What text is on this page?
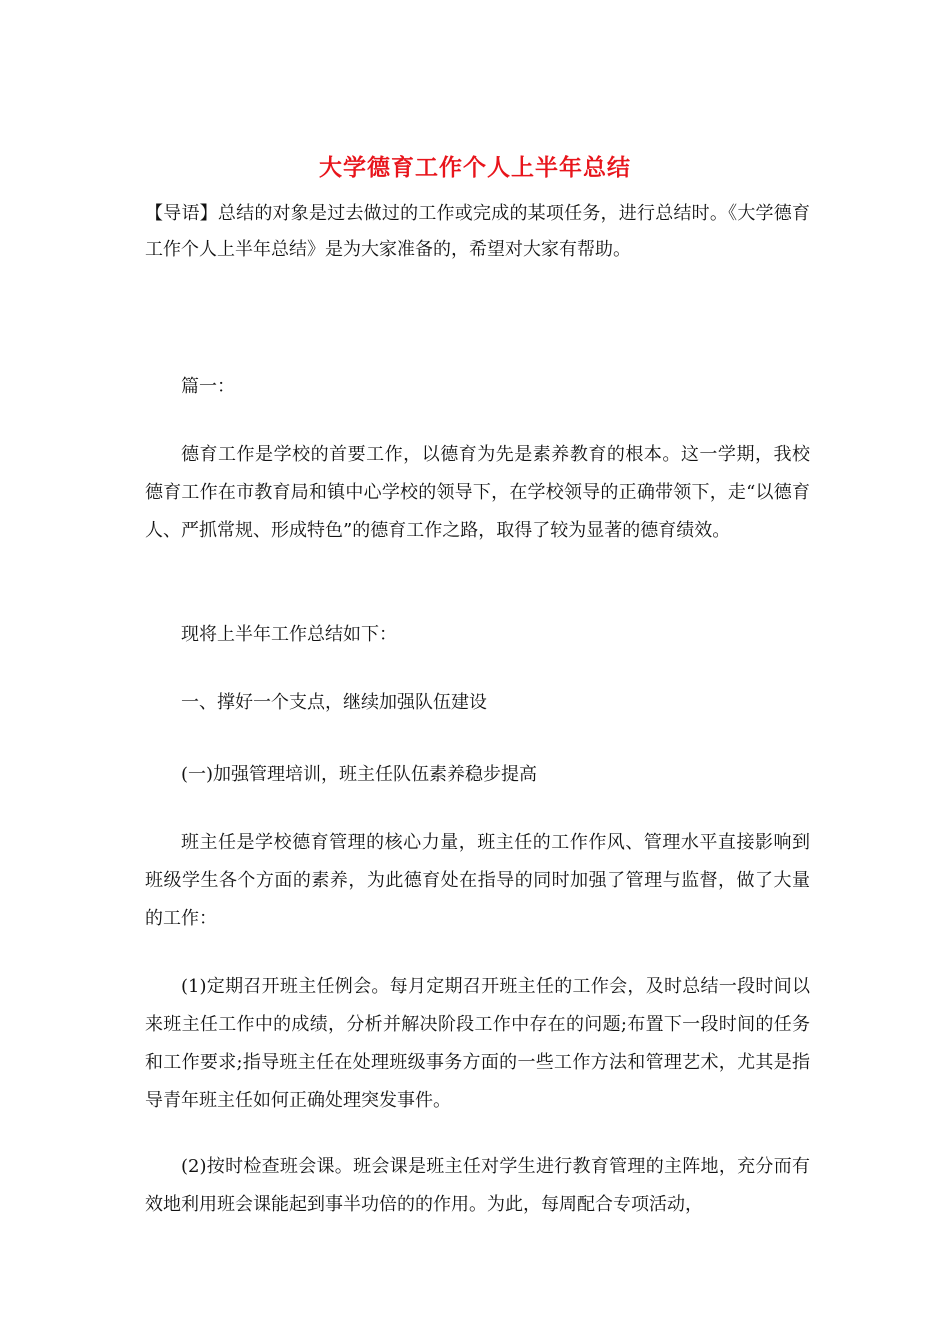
大学德育工作个人上半年总结
【导语】总结的对象是过去做过的工作或完成的某项任务，进行总结时。《大学德育工作个人上半年总结》是为大家准备的，希望对大家有帮助。

篇一：

德育工作是学校的首要工作，以德育为先是素养教育的根本。这一学期，我校德育工作在市教育局和镇中心学校的领导下，在学校领导的正确带领下，走“以德育人、严抓常规、形成特色”的德育工作之路，取得了较为显著的德育绩效。

现将上半年工作总结如下：

一、撑好一个支点，继续加强队伍建设

(一)加强管理培训，班主任队伍素养稳步提高

班主任是学校德育管理的核心力量，班主任的工作作风、管理水平直接影响到班级学生各个方面的素养，为此德育处在指导的同时加强了管理与监督，做了大量的工作：

(1)定期召开班主任例会。每月定期召开班主任的工作会，及时总结一段时间以来班主任工作中的成绩，分析并解决阶段工作中存在的问题;布置下一段时间的任务和工作要求;指导班主任在处理班级事务方面的一些工作方法和管理艺术，尤其是指导青年班主任如何正确处理突发事件。

(2)按时检查班会课。班会课是班主任对学生进行教育管理的主阵地，充分而有效地利用班会课能起到事半功倍的的作用。为此，每周配合专项活动，
